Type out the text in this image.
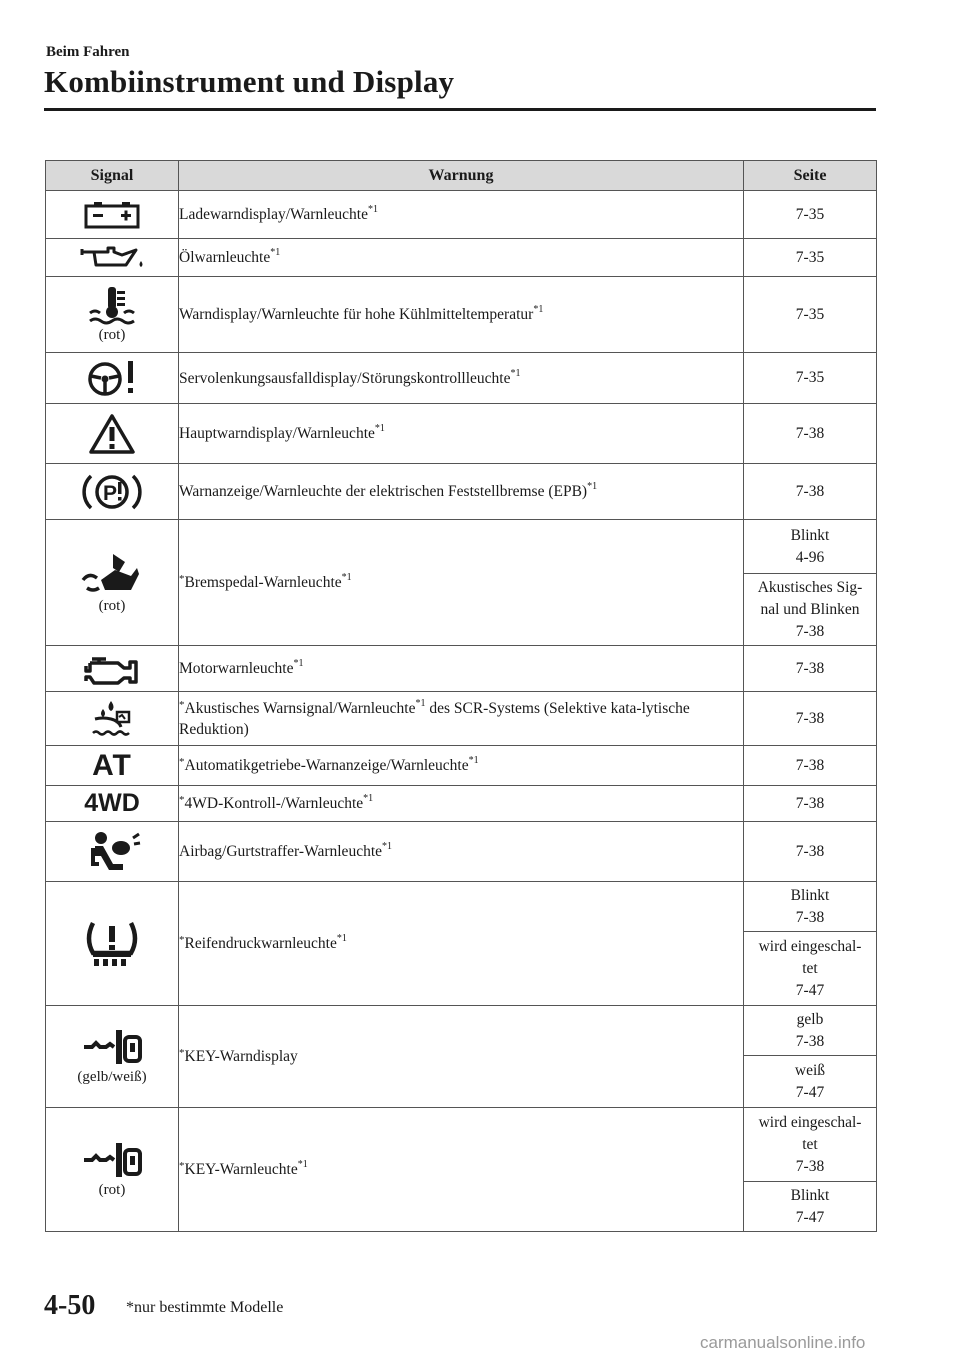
Beim Fahren
Kombiinstrument und Display
Signal	Warnung	Seite

	Ladewarndisplay/Warnleuchte$^{*1}$	7-35

	Ölwarnleuchte$^{*1}$	7-35

(rot)	Warndisplay/Warnleuchte für hohe Kühlmitteltemperatur$^{*1}$	7-35

	Servolenkungsausfalldisplay/Störungskontrollleuchte$^{*1}$	7-35

	Hauptwarndisplay/Warnleuchte$^{*1}$	7-38

P	Warnanzeige/Warnleuchte der elektrischen Feststellbremse (EPB)$^{*1}$	7-38

(rot)	*Bremspedal-Warnleuchte$^{*1}$	Blinkt
4-96
		Akustisches Sig-
nal und Blinken
7-38

	Motorwarnleuchte$^{*1}$	7-38

	*Akustisches Warnsignal/Warnleuchte$^{*1}$ des SCR-Systems (Selektive kata-lytische Reduktion)	7-38
AT	*Automatikgetriebe-Warnanzeige/Warnleuchte$^{*1}$	7-38
4WD	*4WD-Kontroll-/Warnleuchte$^{*1}$	7-38

	Airbag/Gurtstraffer-Warnleuchte$^{*1}$	7-38

	*Reifendruckwarnleuchte$^{*1}$	Blinkt
7-38
		wird eingeschal-
tet
7-47

(gelb/weiß)	*KEY-Warndisplay	gelb
7-38
		weiß
7-47

(rot)	*KEY-Warnleuchte$^{*1}$	wird eingeschal-
tet
7-38
		Blinkt
7-47
4-50 *nur bestimmte Modelle
carmanualsonline.info
